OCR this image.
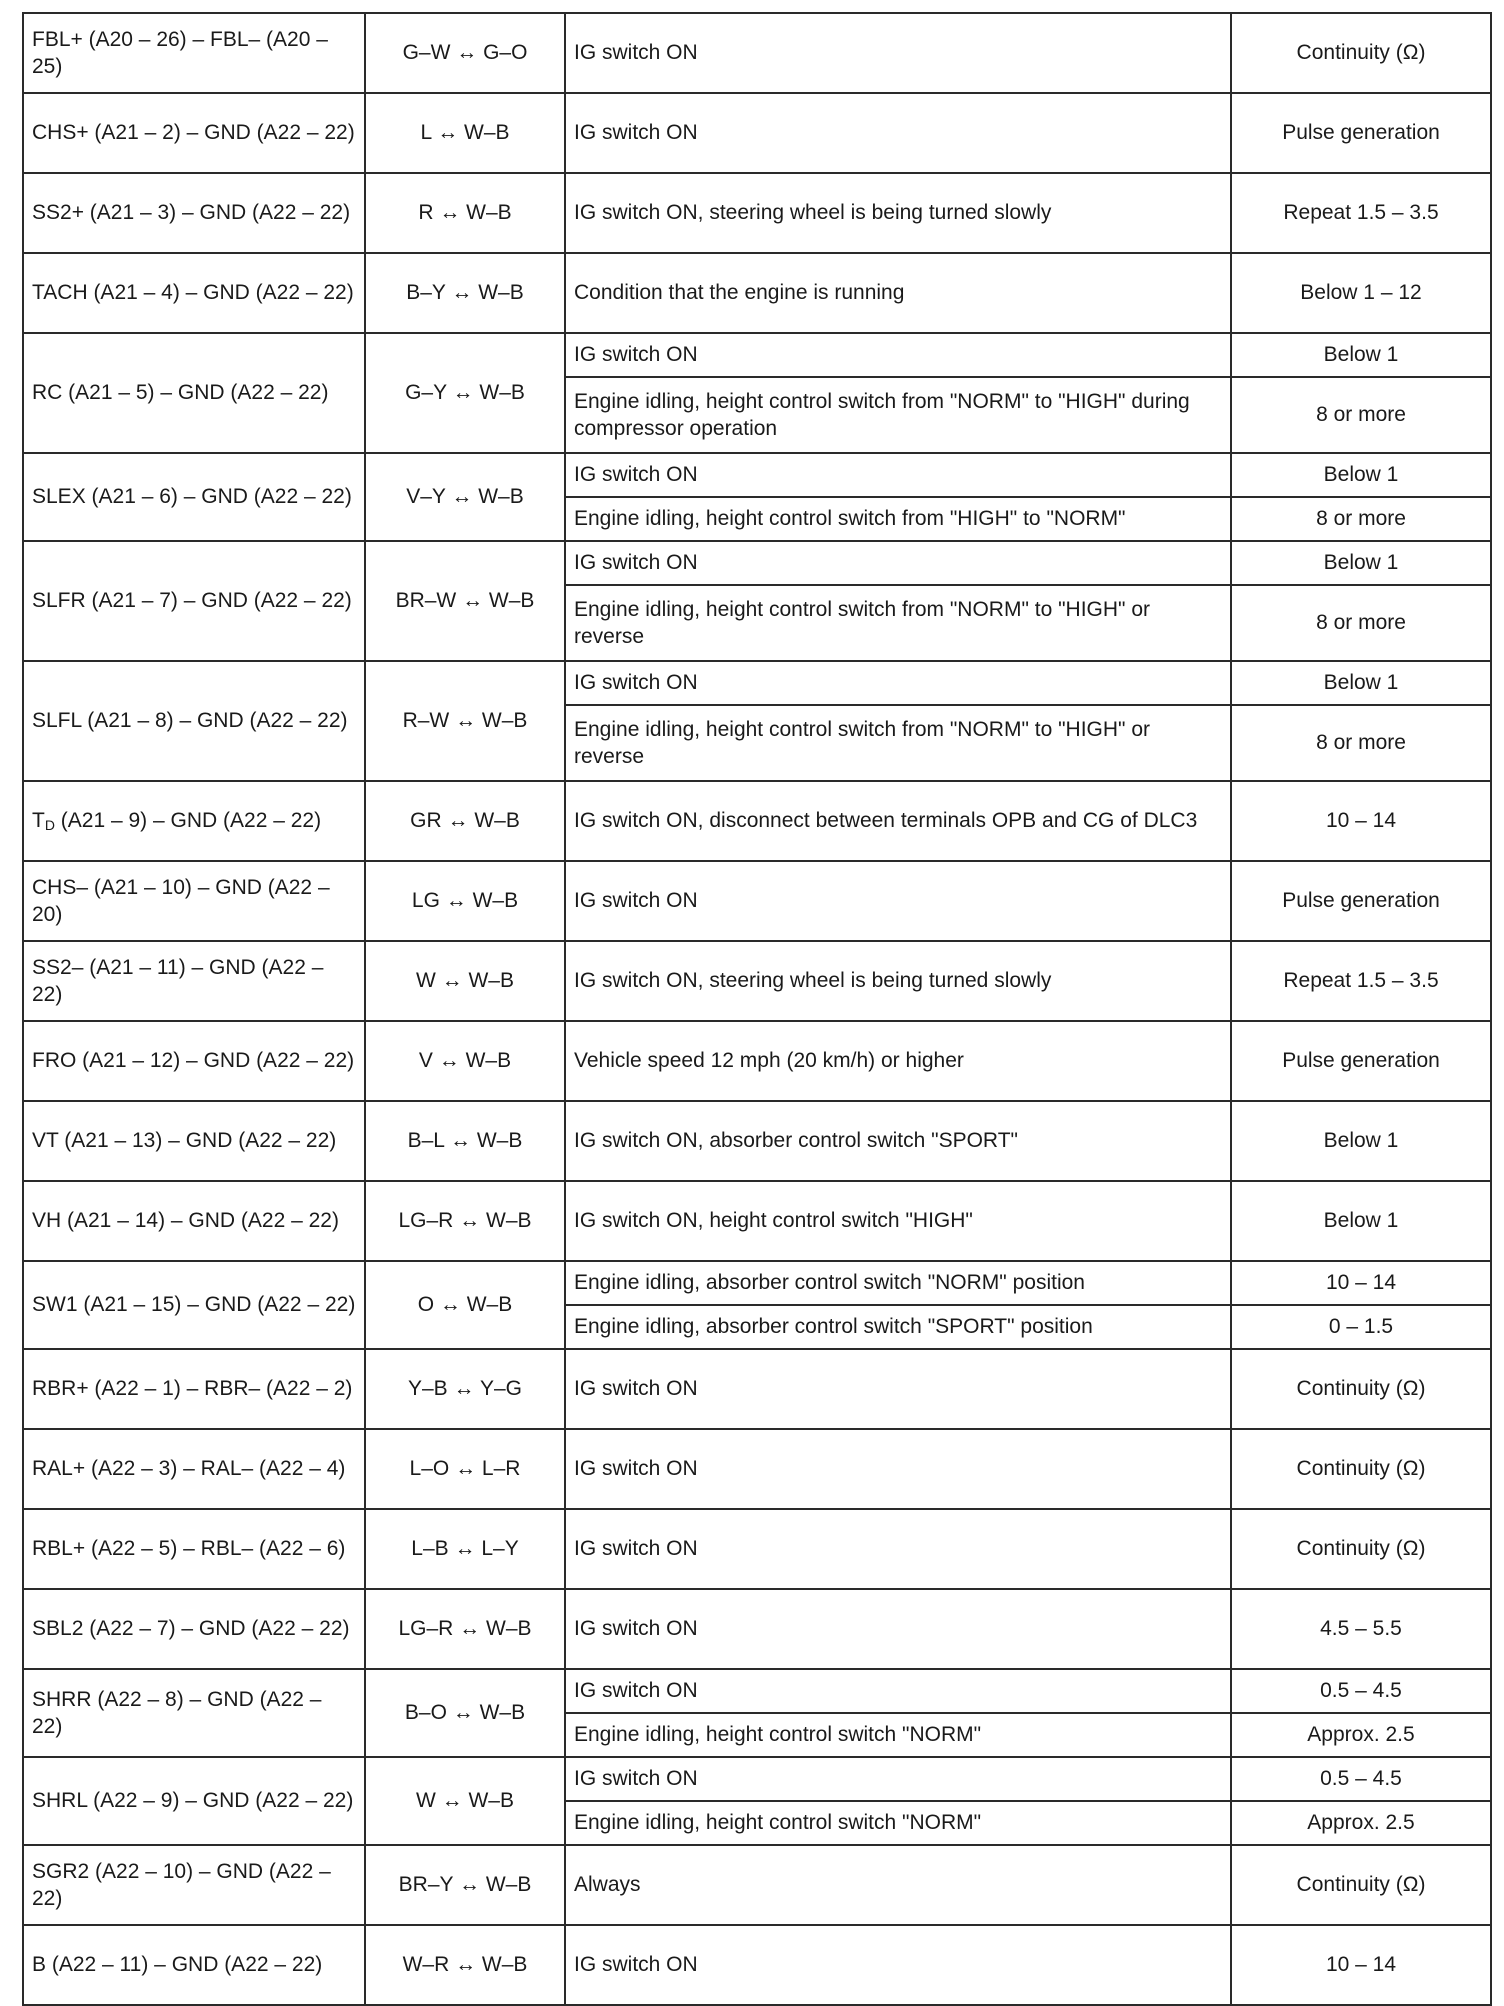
FBL+ (A20 – 26) – FBL– (A20 – 25)	G–W ↔ G–O	IG switch ON	Continuity (Ω)
CHS+ (A21 – 2) – GND (A22 – 22)	L ↔ W–B	IG switch ON	Pulse generation
SS2+ (A21 – 3) – GND (A22 – 22)	R ↔ W–B	IG switch ON, steering wheel is being turned slowly	Repeat 1.5 – 3.5
TACH (A21 – 4) – GND (A22 – 22)	B–Y ↔ W–B	Condition that the engine is running	Below 1 – 12
RC (A21 – 5) – GND (A22 – 22)	G–Y ↔ W–B	IG switch ON	Below 1
		Engine idling, height control switch from "NORM" to "HIGH" during compressor operation	8 or more
SLEX (A21 – 6) – GND (A22 – 22)	V–Y ↔ W–B	IG switch ON	Below 1
		Engine idling, height control switch from "HIGH" to "NORM"	8 or more
SLFR (A21 – 7) – GND (A22 – 22)	BR–W ↔ W–B	IG switch ON	Below 1
		Engine idling, height control switch from "NORM" to "HIGH" or reverse	8 or more
SLFL (A21 – 8) – GND (A22 – 22)	R–W ↔ W–B	IG switch ON	Below 1
		Engine idling, height control switch from "NORM" to "HIGH" or reverse	8 or more
$T_D$ (A21 – 9) – GND (A22 – 22)	GR ↔ W–B	IG switch ON, disconnect between terminals OPB and CG of DLC3	10 – 14
CHS– (A21 – 10) – GND (A22 – 20)	LG ↔ W–B	IG switch ON	Pulse generation
SS2– (A21 – 11) – GND (A22 – 22)	W ↔ W–B	IG switch ON, steering wheel is being turned slowly	Repeat 1.5 – 3.5
FRO (A21 – 12) – GND (A22 – 22)	V ↔ W–B	Vehicle speed 12 mph (20 km/h) or higher	Pulse generation
VT (A21 – 13) – GND (A22 – 22)	B–L ↔ W–B	IG switch ON, absorber control switch "SPORT"	Below 1
VH (A21 – 14) – GND (A22 – 22)	LG–R ↔ W–B	IG switch ON, height control switch "HIGH"	Below 1
SW1 (A21 – 15) – GND (A22 – 22)	O ↔ W–B	Engine idling, absorber control switch "NORM" position	10 – 14
		Engine idling, absorber control switch "SPORT" position	0 – 1.5
RBR+ (A22 – 1) – RBR– (A22 – 2)	Y–B ↔ Y–G	IG switch ON	Continuity (Ω)
RAL+ (A22 – 3) – RAL– (A22 – 4)	L–O ↔ L–R	IG switch ON	Continuity (Ω)
RBL+ (A22 – 5) – RBL– (A22 – 6)	L–B ↔ L–Y	IG switch ON	Continuity (Ω)
SBL2 (A22 – 7) – GND (A22 – 22)	LG–R ↔ W–B	IG switch ON	4.5 – 5.5
SHRR (A22 – 8) – GND (A22 – 22)	B–O ↔ W–B	IG switch ON	0.5 – 4.5
		Engine idling, height control switch "NORM"	Approx. 2.5
SHRL (A22 – 9) – GND (A22 – 22)	W ↔ W–B	IG switch ON	0.5 – 4.5
		Engine idling, height control switch "NORM"	Approx. 2.5
SGR2 (A22 – 10) – GND (A22 – 22)	BR–Y ↔ W–B	Always	Continuity (Ω)
B (A22 – 11) – GND (A22 – 22)	W–R ↔ W–B	IG switch ON	10 – 14
